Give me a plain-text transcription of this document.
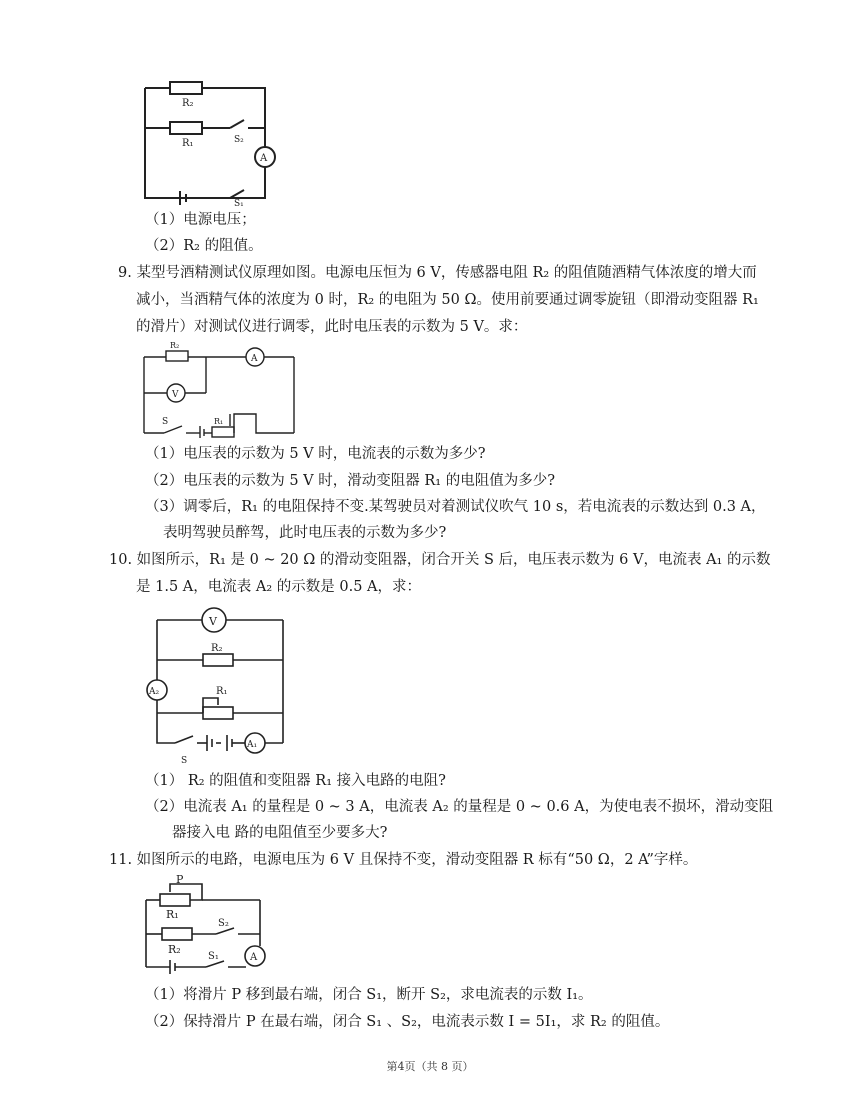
R₂
R₁	S₂
S₁
A
（1）电源电压；
（2）R₂ 的阻值。
9. 某型号酒精测试仪原理如图。电源电压恒为 6 V，传感器电阻 R₂ 的阻值随酒精气体浓度的增大而
减小，当酒精气体的浓度为 0 时，R₂ 的电阻为 50 Ω。使用前要通过调零旋钮（即滑动变阻器 R₁
的滑片）对测试仪进行调零，此时电压表的示数为 5 V。求：
R₂
A
V
S	R₁
（1）电压表的示数为 5 V 时，电流表的示数为多少?
（2）电压表的示数为 5 V 时，滑动变阻器 R₁ 的电阻值为多少?
（3）调零后，R₁ 的电阻保持不变.某驾驶员对着测试仪吹气 10 s，若电流表的示数达到 0.3 A，
表明驾驶员醉驾，此时电压表的示数为多少?
10. 如图所示，R₁ 是 0 ~ 20 Ω 的滑动变阻器，闭合开关 S 后，电压表示数为 6 V，电流表 A₁ 的示数
是 1.5 A，电流表 A₂ 的示数是 0.5 A，求：
V
R₂
R₁
A₂
A₁
S
（1） R₂ 的阻值和变阻器 R₁ 接入电路的电阻?
（2）电流表 A₁ 的量程是 0 ~ 3 A，电流表 A₂ 的量程是 0 ~ 0.6 A，为使电表不损坏，滑动变阻
器接入电 路的电阻值至少要多大?
11. 如图所示的电路，电源电压为 6 V 且保持不变，滑动变阻器 R 标有“50 Ω，2 A”字样。
P
R₁
S₂
R₂
S₁	A
（1）将滑片 P 移到最右端，闭合 S₁，断开 S₂，求电流表的示数 I₁。
（2）保持滑片 P 在最右端，闭合 S₁ 、S₂，电流表示数 I = 5I₁，求 R₂ 的阻值。
第4页（共 8 页）
